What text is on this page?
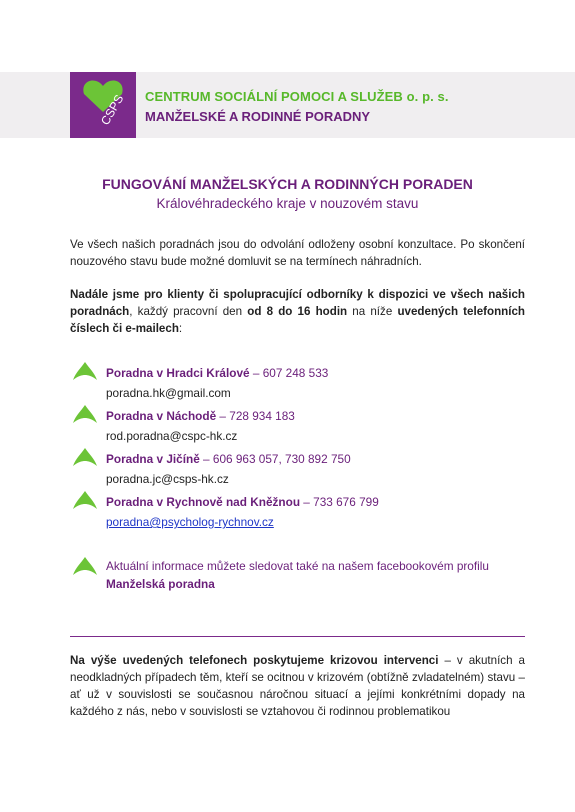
CSPS CENTRUM SOCIÁLNÍ POMOCI A SLUŽEB o. p. s.
MANŽELSKÉ A RODINNÉ PORADNY
FUNGOVÁNÍ MANŽELSKÝCH A RODINNÝCH PORADEN
Královéhradeckého kraje v nouzovém stavu
Ve všech našich poradnách jsou do odvolání odloženy osobní konzultace. Po skončení nouzového stavu bude možné domluvit se na termínech náhradních.
Nadále jsme pro klienty či spolupracující odborníky k dispozici ve všech našich poradnách, každý pracovní den od 8 do 16 hodin na níže uvedených telefonních číslech či e-mailech:
Poradna v Hradci Králové – 607 248 533
poradna.hk@gmail.com
Poradna v Náchodě – 728 934 183
rod.poradna@cspc-hk.cz
Poradna v Jičíně – 606 963 057, 730 892 750
poradna.jc@csps-hk.cz
Poradna v Rychnově nad Kněžnou – 733 676 799
poradna@psycholog-rychnov.cz
Aktuální informace můžete sledovat také na našem facebookovém profilu Manželská poradna
Na výše uvedených telefonech poskytujeme krizovou intervenci – v akutních a neodkladných případech těm, kteří se ocitnou v krizovém (obtížně zvladatelném) stavu – ať už v souvislosti se současnou náročnou situací a jejími konkrétními dopady na každého z nás, nebo v souvislosti se vztahovou či rodinnou problematikou
